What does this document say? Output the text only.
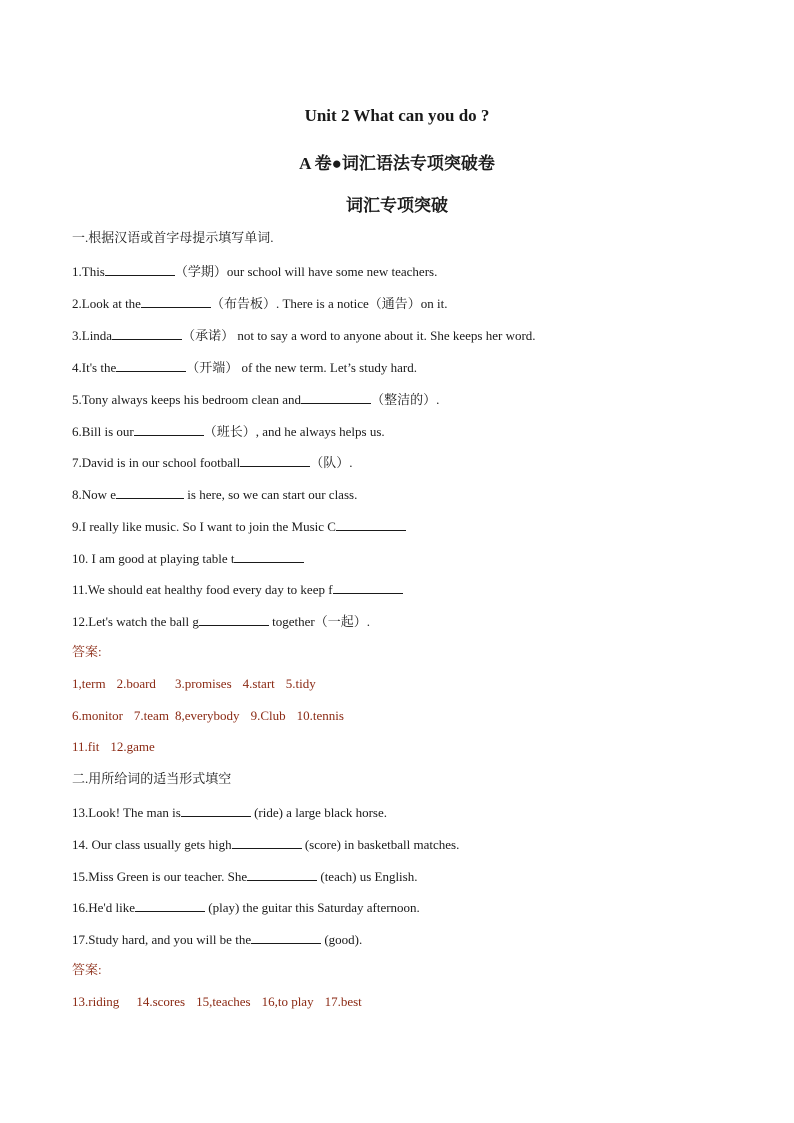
Unit 2 What can you do ?
A 卷●词汇语法专项突破卷
词汇专项突破
一.根据汉语或首字母提示填写单词.
1.This	（学期）our school will have some new teachers.
2.Look at the	（布告板）. There is a notice（通告）on it.
3.Linda	（承诺） not to say a word to anyone about it. She keeps her word.
4.It's the	（开端） of the new term. Let’s study hard.
5.Tony always keeps his bedroom clean and	（整洁的）.
6.Bill is our	（班长）, and he always helps us.
7.David is in our school football	（队）.
8.Now e	is here, so we can start our class.
9.I really like music. So I want to join the Music C
10. I am good at playing table t
11.We should eat healthy food every day to keep f
12.Let's watch the ball g	together（一起）.
答案:
1,term 2.board 3.promises 4.start 5.tidy
6.monitor 7.team 8,everybody 9.Club 10.tennis
11.fit 12.game
二.用所给词的适当形式填空
13.Look! The man is	(ride) a large black horse.
14. Our class usually gets high	(score) in basketball matches.
15.Miss Green is our teacher. She	(teach) us English.
16.He'd like	(play) the guitar this Saturday afternoon.
17.Study hard, and you will be the	(good).
答案:
13.riding 14.scores 15,teaches 16,to play 17.best
